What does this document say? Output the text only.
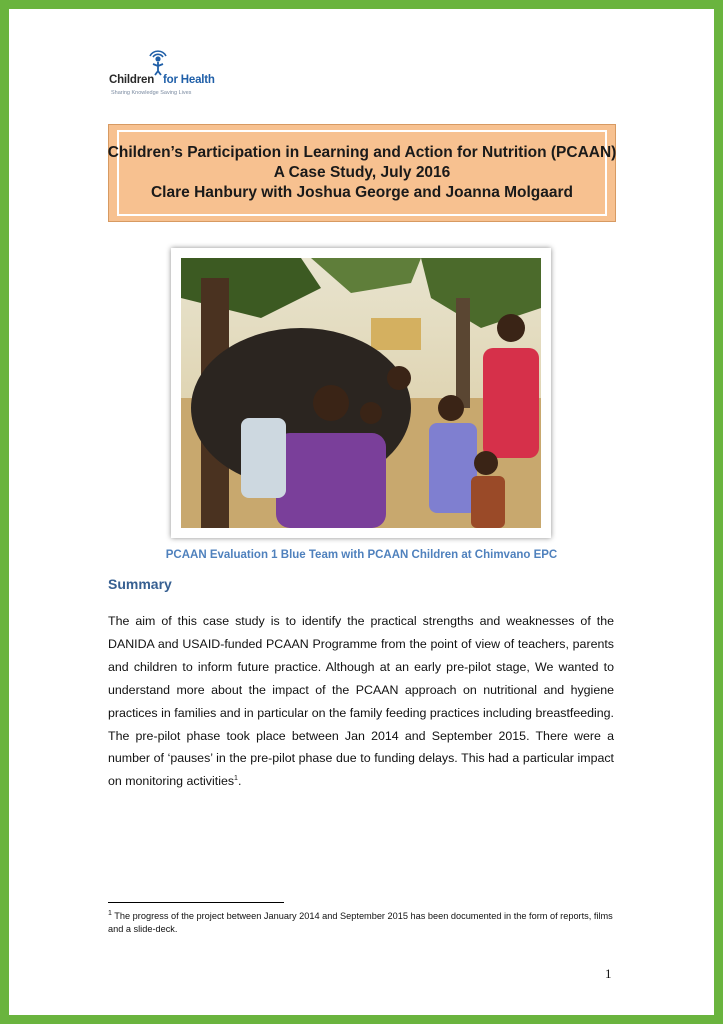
Children for Health
Sharing Knowledge Saving Lives
Children’s Participation in Learning and Action for Nutrition (PCAAN)
A Case Study, July 2016
Clare Hanbury with Joshua George and Joanna Molgaard
PCAAN Evaluation 1 Blue Team with PCAAN Children at Chimvano EPC
Summary
The aim of this case study is to identify the practical strengths and weaknesses of the DANIDA and USAID-funded PCAAN Programme from the point of view of teachers, parents and children to inform future practice. Although at an early pre-pilot stage, We wanted to understand more about the impact of the PCAAN approach on nutritional and hygiene practices in families and in particular on the family feeding practices including breastfeeding. The pre-pilot phase took place between Jan 2014 and September 2015. There were a number of ‘pauses’ in the pre-pilot phase due to funding delays. This had a particular impact on monitoring activities$^1$.
$^1$ The progress of the project between January 2014 and September 2015 has been documented in the form of reports, films and a slide-deck.
1
